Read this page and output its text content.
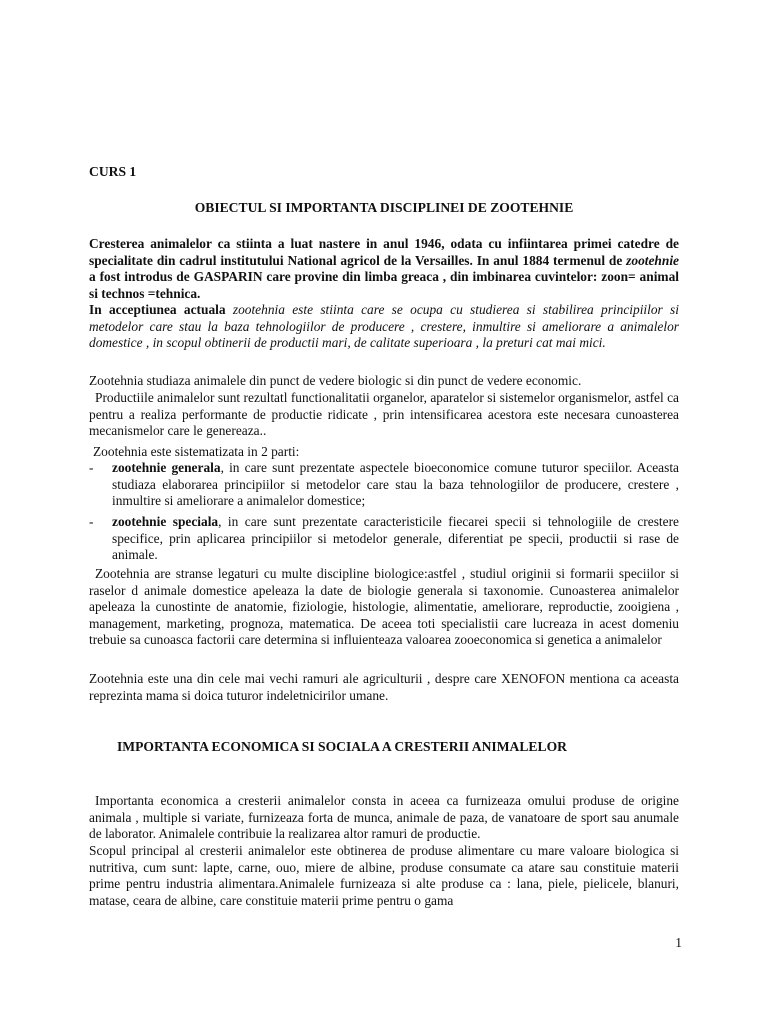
CURS 1
OBIECTUL SI IMPORTANTA DISCIPLINEI DE ZOOTEHNIE
Cresterea animalelor ca stiinta a luat nastere in anul 1946, odata cu infiintarea primei catedre de specialitate din cadrul institutului National agricol de la Versailles. In anul 1884 termenul de zootehnie a fost introdus de GASPARIN care provine din limba greaca , din imbinarea cuvintelor: zoon= animal si technos =tehnica.
In acceptiunea actuala zootehnia este stiinta care se ocupa cu studierea si stabilirea principiilor si metodelor care stau la baza tehnologiilor de producere , crestere, inmultire si ameliorare a animalelor domestice , in scopul obtinerii de productii mari, de calitate superioara , la preturi cat mai mici.
Zootehnia studiaza animalele din punct de vedere biologic si din punct de vedere economic.
Productiile animalelor sunt rezultatl functionalitatii organelor, aparatelor si sistemelor organismelor, astfel ca pentru a realiza performante de productie ridicate , prin intensificarea acestora este necesara cunoasterea mecanismelor care le genereaza..
Zootehnia este sistematizata in 2 parti:
-	zootehnie generala, in care sunt prezentate aspectele bioeconomice comune tuturor speciilor. Aceasta studiaza elaborarea principiilor si metodelor care stau la baza tehnologiilor de producere, crestere , inmultire si ameliorare a animalelor domestice;
-	zootehnie speciala, in care sunt prezentate caracteristicile fiecarei specii si tehnologiile de crestere specifice, prin aplicarea principiilor si metodelor generale, diferentiat pe specii, productii si rase de animale.
Zootehnia are stranse legaturi cu multe discipline biologice:astfel , studiul originii si formarii speciilor si raselor d animale domestice apeleaza la date de biologie generala si taxonomie. Cunoasterea animalelor apeleaza la cunostinte de anatomie, fiziologie, histologie, alimentatie, ameliorare, reproductie, zooigiena , management, marketing, prognoza, matematica. De aceea toti specialistii care lucreaza in acest domeniu trebuie sa cunoasca factorii care determina si influienteaza valoarea zooeconomica si genetica a animalelor
Zootehnia este una din cele mai vechi ramuri ale agriculturii , despre care XENOFON mentiona ca aceasta reprezinta mama si doica tuturor indeletnicirilor umane.
IMPORTANTA ECONOMICA SI SOCIALA A CRESTERII ANIMALELOR
Importanta economica a cresterii animalelor consta in aceea ca furnizeaza omului produse de origine animala , multiple si variate, furnizeaza forta de munca, animale de paza, de vanatoare de sport sau anumale de laborator. Animalele contribuie la realizarea altor ramuri de productie.
Scopul principal al cresterii animalelor este obtinerea de produse alimentare cu mare valoare biologica si nutritiva, cum sunt: lapte, carne, ouo, miere de albine, produse consumate ca atare sau constituie materii prime pentru industria alimentara.Animalele furnizeaza si alte produse ca : lana, piele, pielicele, blanuri, matase, ceara de albine, care constituie materii prime pentru o gama
1
